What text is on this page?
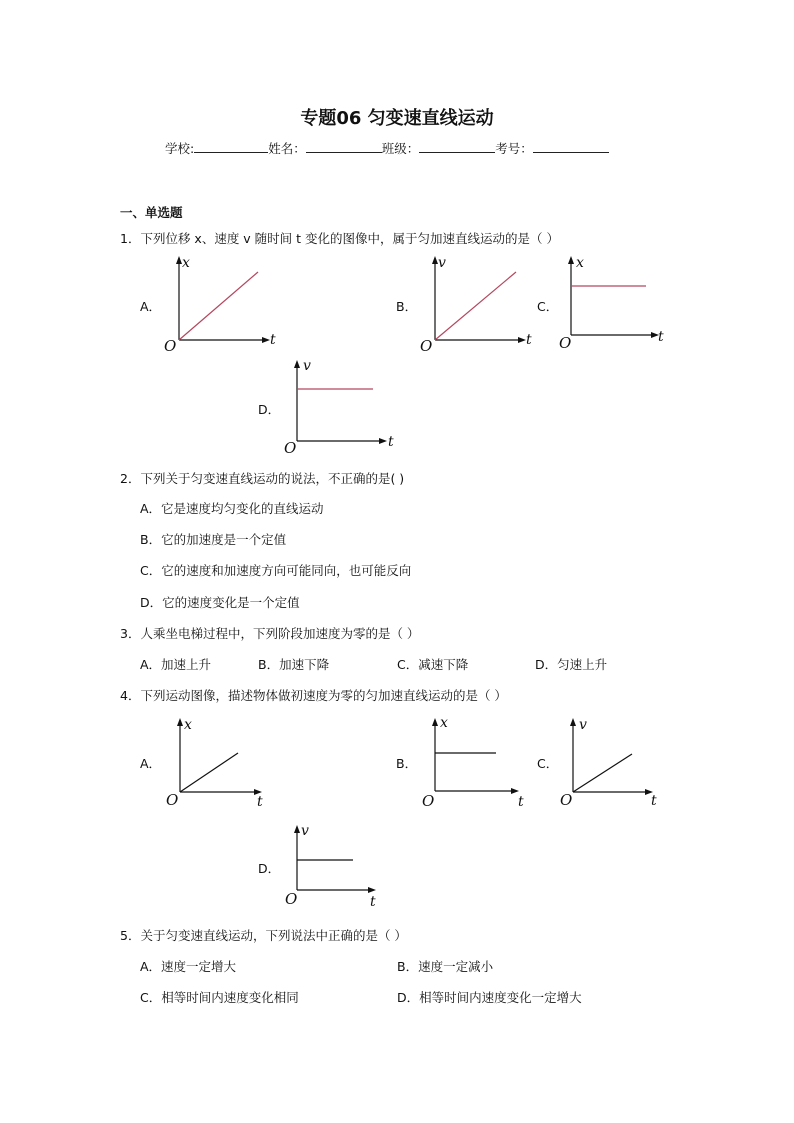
专题06 匀变速直线运动
学校:	姓名：	班级：	考号：
一、单选题
1．下列位移 x、速度 v 随时间 t 变化的图像中，属于匀加速直线运动的是（ ）
A．
x
t
O
B．
v
t
O
C．
x
t
O
D．
v
t
O
2．下列关于匀变速直线运动的说法，不正确的是( )
A．它是速度均匀变化的直线运动
B．它的加速度是一个定值
C．它的速度和加速度方向可能同向，也可能反向
D．它的速度变化是一个定值
3．人乘坐电梯过程中，下列阶段加速度为零的是（ ）
A．加速上升	B．加速下降	C．减速下降	D．匀速上升
4．下列运动图像，描述物体做初速度为零的匀加速直线运动的是（ ）
A．
x
t
O
B．
x
t
O
C．
v
t
O
D．
v
t
O
5．关于匀变速直线运动，下列说法中正确的是（ ）
A．速度一定增大	B．速度一定减小
C．相等时间内速度变化相同	D．相等时间内速度变化一定增大
